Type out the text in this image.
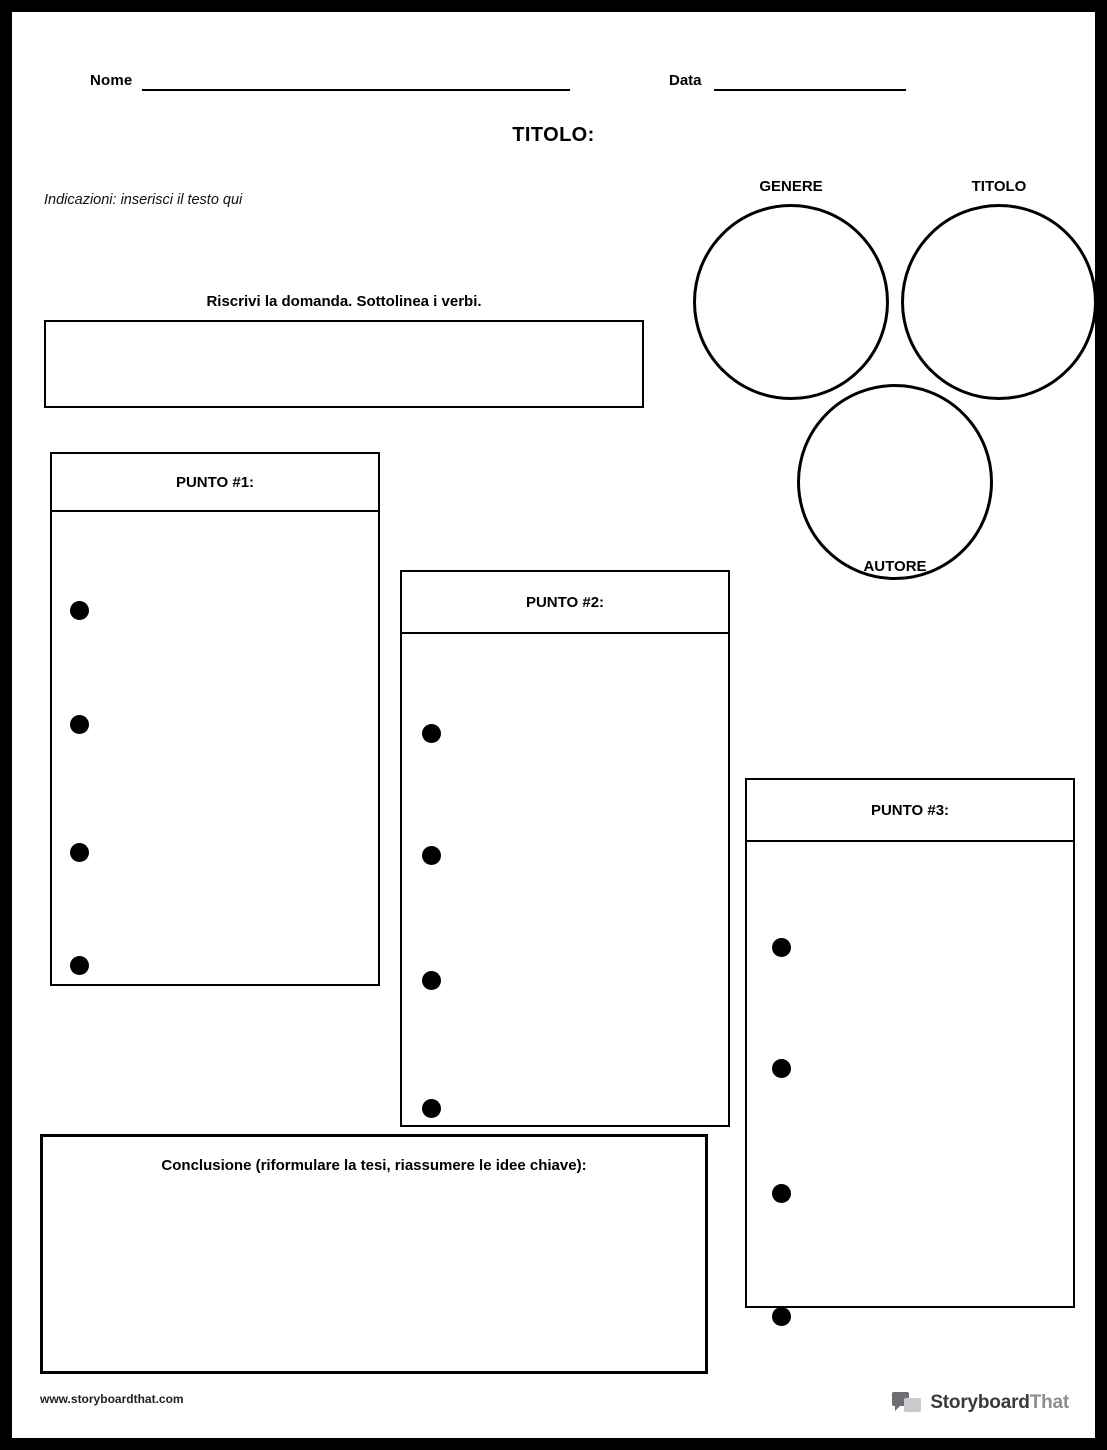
Nome	Data
TITOLO:
Indicazioni: inserisci il testo qui
Riscrivi la domanda. Sottolinea i verbi.
PUNTO #1:
PUNTO #2:
PUNTO #3:
Conclusione (riformulare la tesi, riassumere le idee chiave):
GENERE	TITOLO
AUTORE
www.storyboardthat.com	StoryboardThat
